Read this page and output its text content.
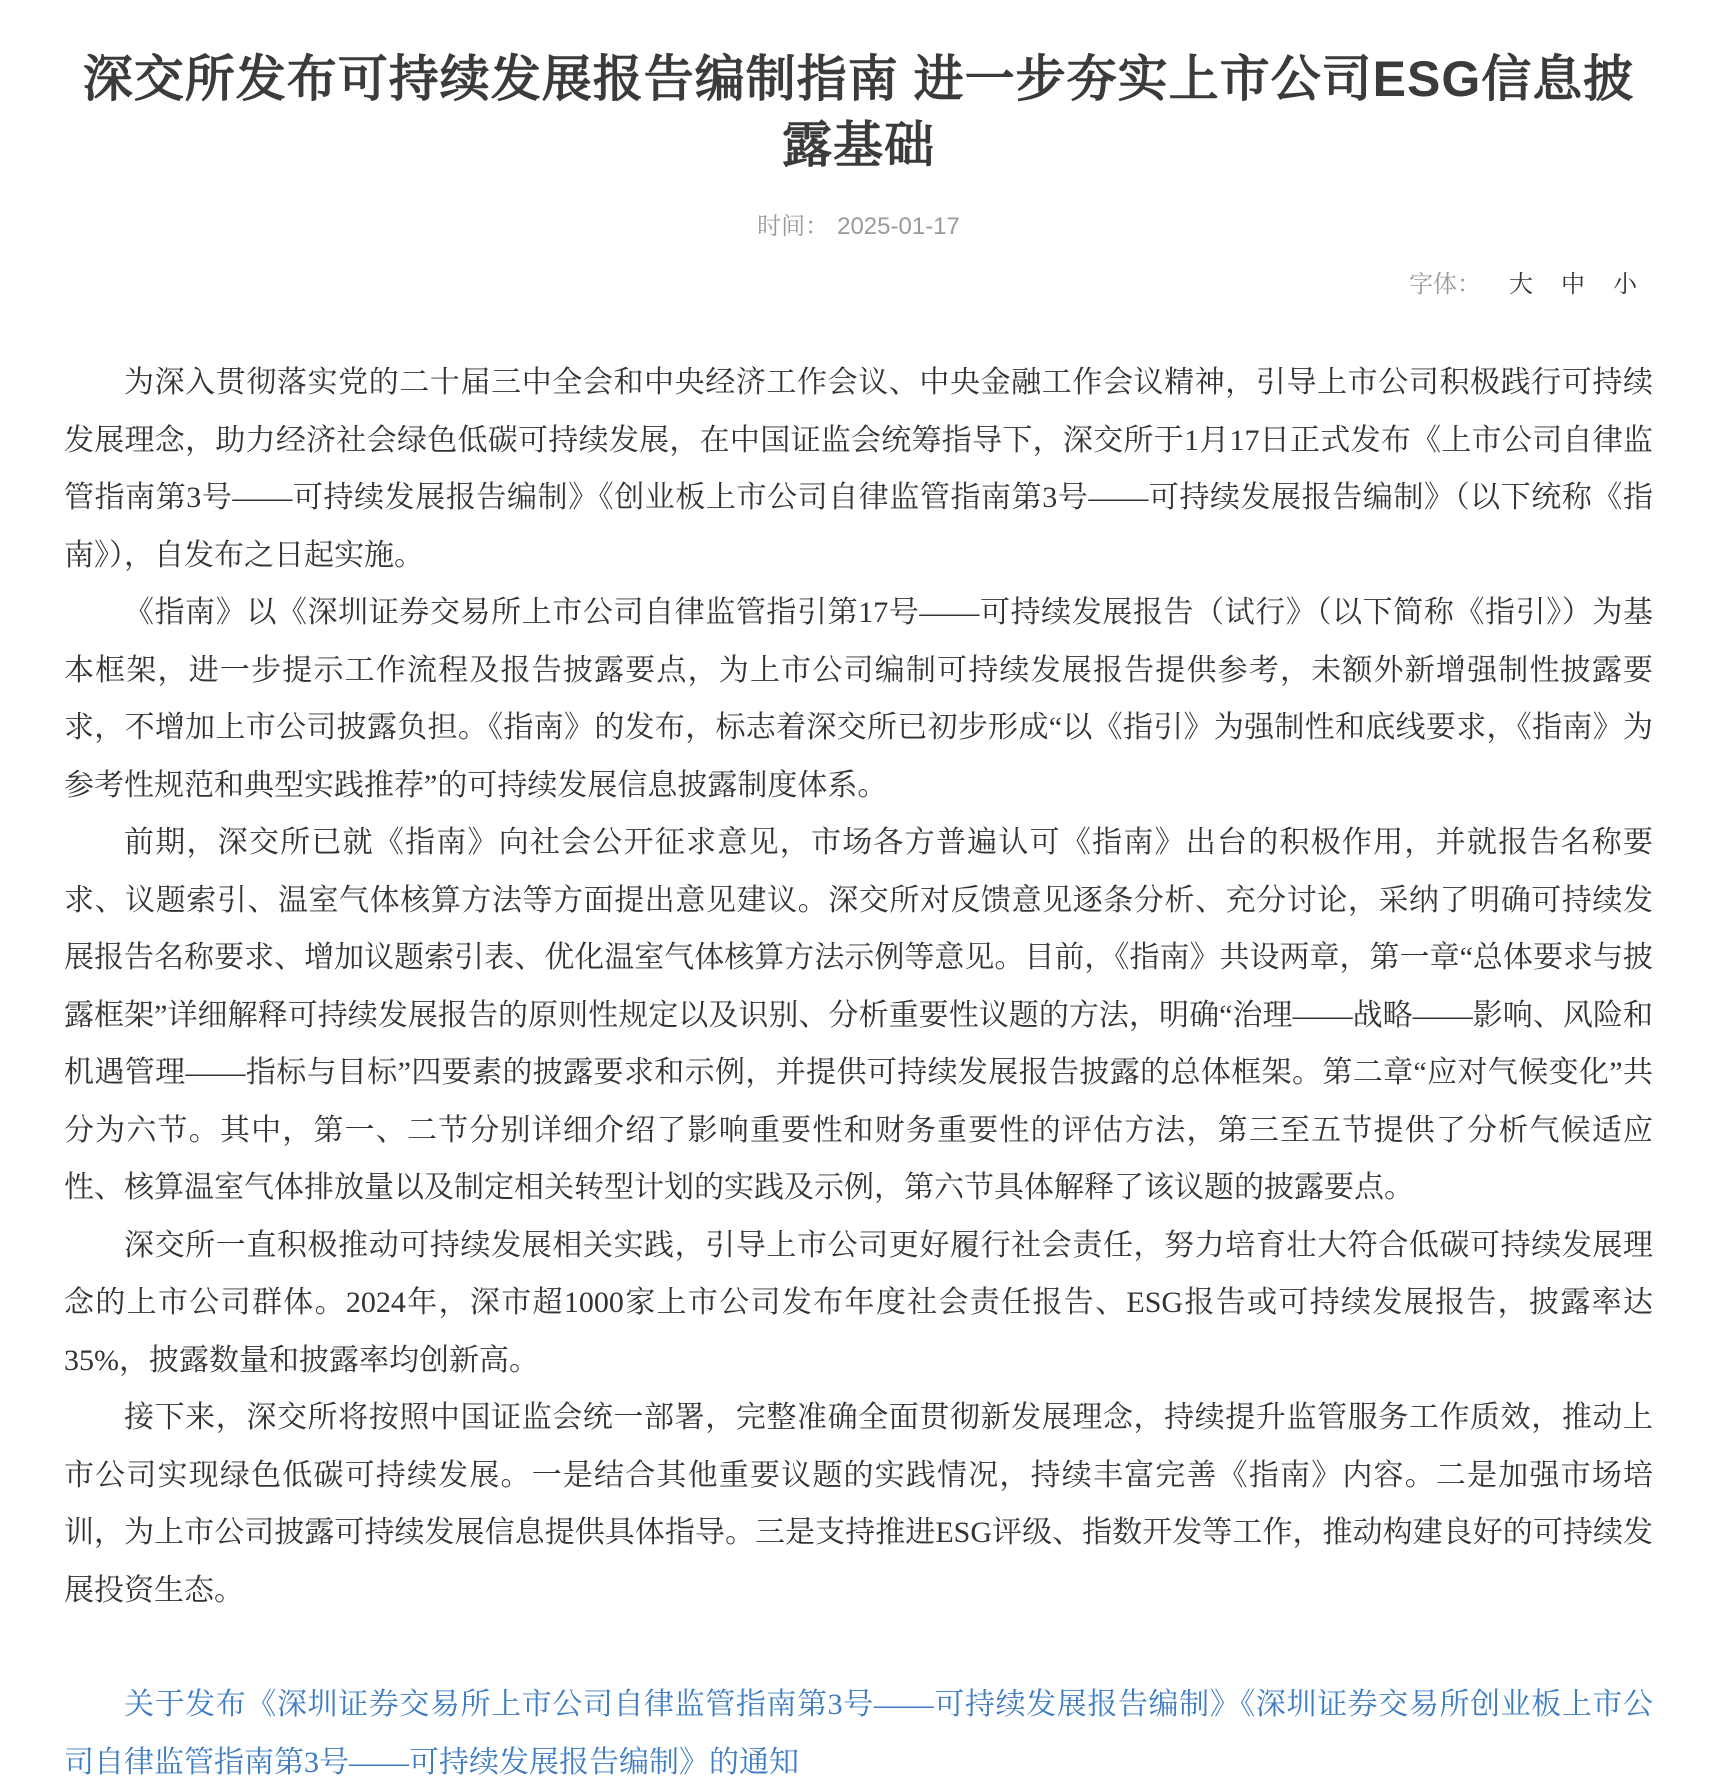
深交所发布可持续发展报告编制指南 进一步夯实上市公司ESG信息披露基础
时间： 2025-01-17
字体： 大 中 小

为深入贯彻落实党的二十届三中全会和中央经济工作会议、中央金融工作会议精神，引导上市公司积极践行可持续发展理念，助力经济社会绿色低碳可持续发展，在中国证监会统筹指导下，深交所于1月17日正式发布《上市公司自律监管指南第3号——可持续发展报告编制》《创业板上市公司自律监管指南第3号——可持续发展报告编制》（以下统称《指南》），自发布之日起实施。

《指南》以《深圳证券交易所上市公司自律监管指引第17号——可持续发展报告（试行》（以下简称《指引》）为基本框架，进一步提示工作流程及报告披露要点，为上市公司编制可持续发展报告提供参考，未额外新增强制性披露要求，不增加上市公司披露负担。《指南》的发布，标志着深交所已初步形成“以《指引》为强制性和底线要求，《指南》为参考性规范和典型实践推荐”的可持续发展信息披露制度体系。

前期，深交所已就《指南》向社会公开征求意见，市场各方普遍认可《指南》出台的积极作用，并就报告名称要求、议题索引、温室气体核算方法等方面提出意见建议。深交所对反馈意见逐条分析、充分讨论，采纳了明确可持续发展报告名称要求、增加议题索引表、优化温室气体核算方法示例等意见。目前，《指南》共设两章，第一章“总体要求与披露框架”详细解释可持续发展报告的原则性规定以及识别、分析重要性议题的方法，明确“治理——战略——影响、风险和机遇管理——指标与目标”四要素的披露要求和示例，并提供可持续发展报告披露的总体框架。第二章“应对气候变化”共分为六节。其中，第一、二节分别详细介绍了影响重要性和财务重要性的评估方法，第三至五节提供了分析气候适应性、核算温室气体排放量以及制定相关转型计划的实践及示例，第六节具体解释了该议题的披露要点。

深交所一直积极推动可持续发展相关实践，引导上市公司更好履行社会责任，努力培育壮大符合低碳可持续发展理念的上市公司群体。2024年，深市超1000家上市公司发布年度社会责任报告、ESG报告或可持续发展报告，披露率达35%，披露数量和披露率均创新高。

接下来，深交所将按照中国证监会统一部署，完整准确全面贯彻新发展理念，持续提升监管服务工作质效，推动上市公司实现绿色低碳可持续发展。一是结合其他重要议题的实践情况，持续丰富完善《指南》内容。二是加强市场培训，为上市公司披露可持续发展信息提供具体指导。三是支持推进ESG评级、指数开发等工作，推动构建良好的可持续发展投资生态。

关于发布《深圳证券交易所上市公司自律监管指南第3号——可持续发展报告编制》《深圳证券交易所创业板上市公司自律监管指南第3号——可持续发展报告编制》的通知
